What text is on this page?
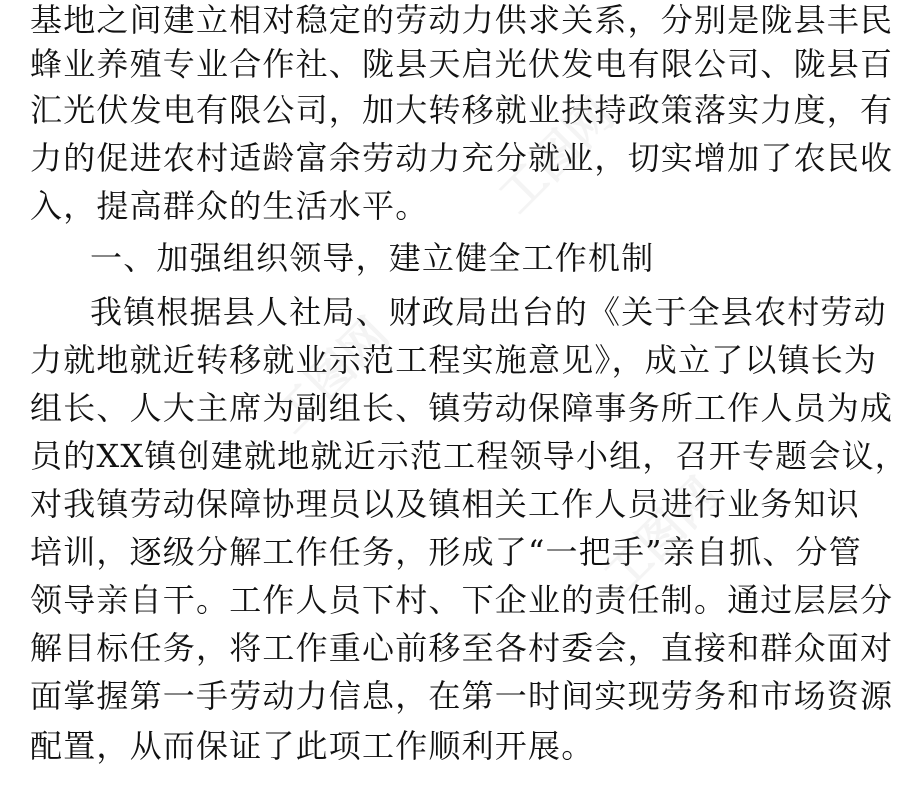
基地之间建立相对稳定的劳动力供求关系，分别是陇县丰民
蜂业养殖专业合作社、陇县天启光伏发电有限公司、陇县百
汇光伏发电有限公司，加大转移就业扶持政策落实力度，有
力的促进农村适龄富余劳动力充分就业，切实增加了农民收
入，提高群众的生活水平。
一、加强组织领导，建立健全工作机制
我镇根据县人社局、财政局出台的《关于全县农村劳动
力就地就近转移就业示范工程实施意见》，成立了以镇长为
组长、人大主席为副组长、镇劳动保障事务所工作人员为成
员的XX镇创建就地就近示范工程领导小组，召开专题会议，
对我镇劳动保障协理员以及镇相关工作人员进行业务知识
培训，逐级分解工作任务，形成了“一把手”亲自抓、分管
领导亲自干。工作人员下村、下企业的责任制。通过层层分
解目标任务，将工作重心前移至各村委会，直接和群众面对
面掌握第一手劳动力信息，在第一时间实现劳务和市场资源
配置，从而保证了此项工作顺利开展。
工图网
工图网
工图网
